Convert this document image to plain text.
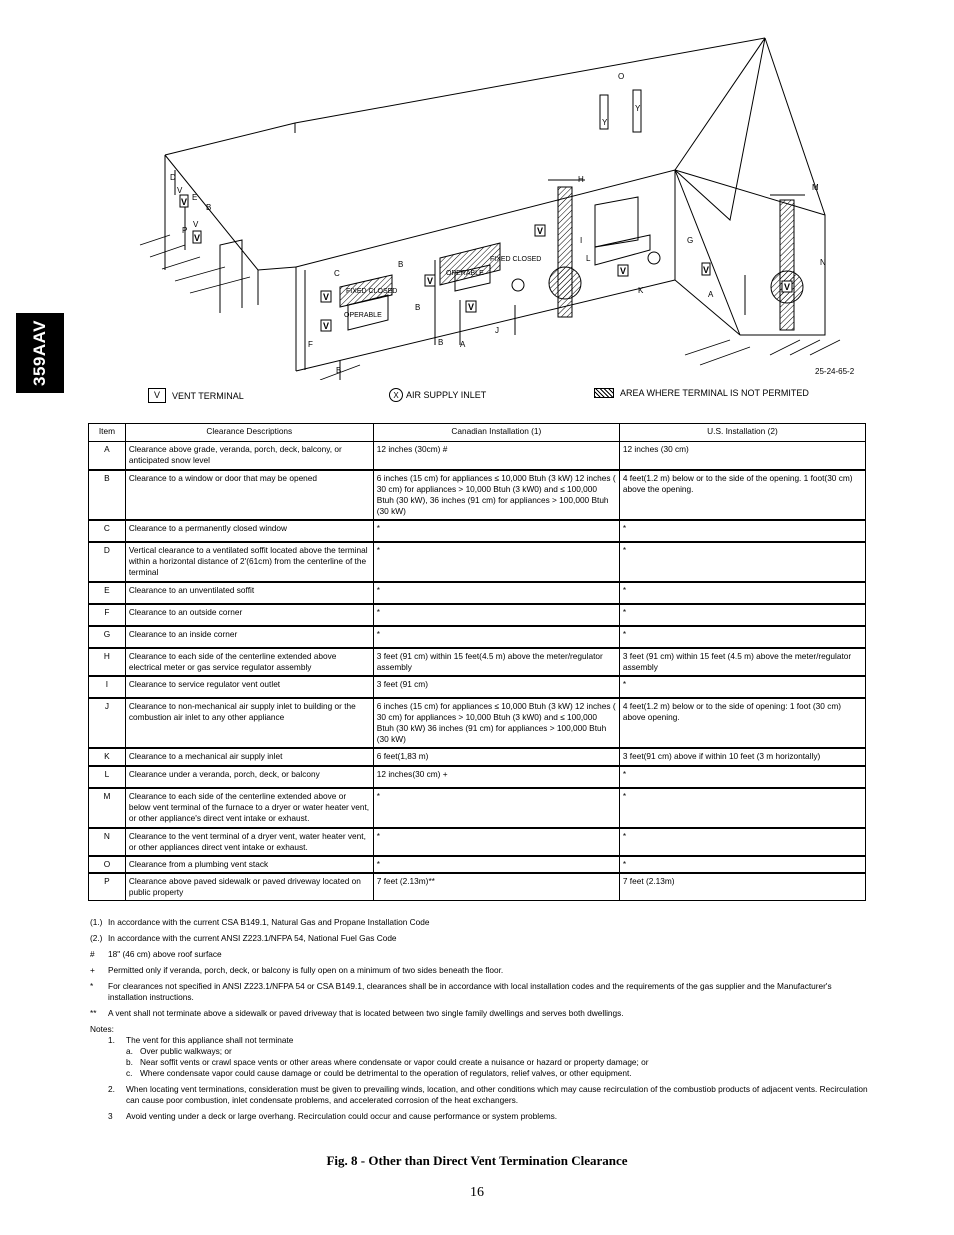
359AAV
V
V
V
V
V
V
V
V	V
V
FIXED CLOSED
OPERABLE
OPERABLE
FIXED CLOSED
O
Y
Y
H
M
N
D
V
E
B
P
V
C
B
B
I
L
G
A
K
F	A
J
B
B	25-24-65-2
V	VENT TERMINAL	X AIR SUPPLY INLET	AREA WHERE TERMINAL IS NOT PERMITED
Item	Clearance Descriptions	Canadian Installation (1)	U.S. Installation (2)
A	Clearance above grade, veranda, porch, deck, balcony, or anticipated snow level	12 inches (30cm) #	12 inches (30 cm)
B	Clearance to a window or door that may be opened	6 inches (15 cm) for appliances ≤ 10,000 Btuh (3 kW) 12 inches ( 30 cm) for appliances > 10,000 Btuh (3 kW0) and ≤ 100,000 Btuh (30 kW), 36 inches (91 cm) for appliances > 100,000 Btuh (30 kW)	4 feet(1.2 m) below or to the side of the opening. 1 foot(30 cm) above the opening.
C	Clearance to a permanently closed window	*	*
D	Vertical clearance to a ventilated soffit located above the terminal within a horizontal distance of 2'(61cm) from the centerline of the terminal	*	*
E	Clearance to an unventilated soffit	*	*
F	Clearance to an outside corner	*	*
G	Clearance to an inside corner	*	*
H	Clearance to each side of the centerline extended above electrical meter or gas service regulator assembly	3 feet (91 cm) within 15 feet(4.5 m) above the meter/regulator assembly	3 feet (91 cm) within 15 feet (4.5 m) above the meter/regulator assembly
I	Clearance to service regulator vent outlet	3 feet (91 cm)	*
J	Clearance to non-mechanical air supply inlet to building or the combustion air inlet to any other appliance	6 inches (15 cm) for appliances ≤ 10,000 Btuh (3 kW) 12 inches ( 30 cm) for appliances > 10,000 Btuh (3 kW0) and ≤ 100,000 Btuh (30 kW) 36 inches (91 cm) for appliances > 100,000 Btuh (30 kW)	4 feet(1.2 m) below or to the side of opening: 1 foot (30 cm) above opening.
K	Clearance to a mechanical air supply inlet	6 feet(1,83 m)	3 feet(91 cm) above if within 10 feet (3 m horizontally)
L	Clearance under a veranda, porch, deck, or balcony	12 inches(30 cm) +	*
M	Clearance to each side of the centerline extended above or below vent terminal of the furnace to a dryer or water heater vent, or other appliance's direct vent intake or exhaust.	*	*
N	Clearance to the vent terminal of a dryer vent, water heater vent, or other appliances direct vent intake or exhaust.	*	*
O	Clearance from a plumbing vent stack	*	*
P	Clearance above paved sidewalk or paved driveway located on public property	7 feet (2.13m)**	7 feet (2.13m)
(1.) In accordance with the current CSA B149.1, Natural Gas and Propane Installation Code
(2.) In accordance with the current ANSI Z223.1/NFPA 54, National Fuel Gas Code
#	18" (46 cm) above roof surface
+	Permitted only if veranda, porch, deck, or balcony is fully open on a minimum of two sides beneath the floor.
*	For clearances not specified in ANSI Z223.1/NFPA 54 or CSA B149.1, clearances shall be in accordance with local installation codes and the requirements of the gas supplier and the Manufacturer's installation instructions.
**	A vent shall not terminate above a sidewalk or paved driveway that is located between two single family dwellings and serves both dwellings.
Notes:
1.	The vent for this appliance shall not terminate
a. Over public walkways; or
b. Near soffit vents or crawl space vents or other areas where condensate or vapor could create a nuisance or hazard or property damage; or
c. Where condensate vapor could cause damage or could be detrimental to the operation of regulators, relief valves, or other equipment.
2.	When locating vent terminations, consideration must be given to prevailing winds, location, and other conditions which may cause recirculation of the combustiob products of adjacent vents. Recirculation can cause poor combustion, inlet condensate problems, and accelerated corrosion of the heat exchangers.
3	Avoid venting under a deck or large overhang. Recirculation could occur and cause performance or system problems.
Fig. 8 - Other than Direct Vent Termination Clearance
16
